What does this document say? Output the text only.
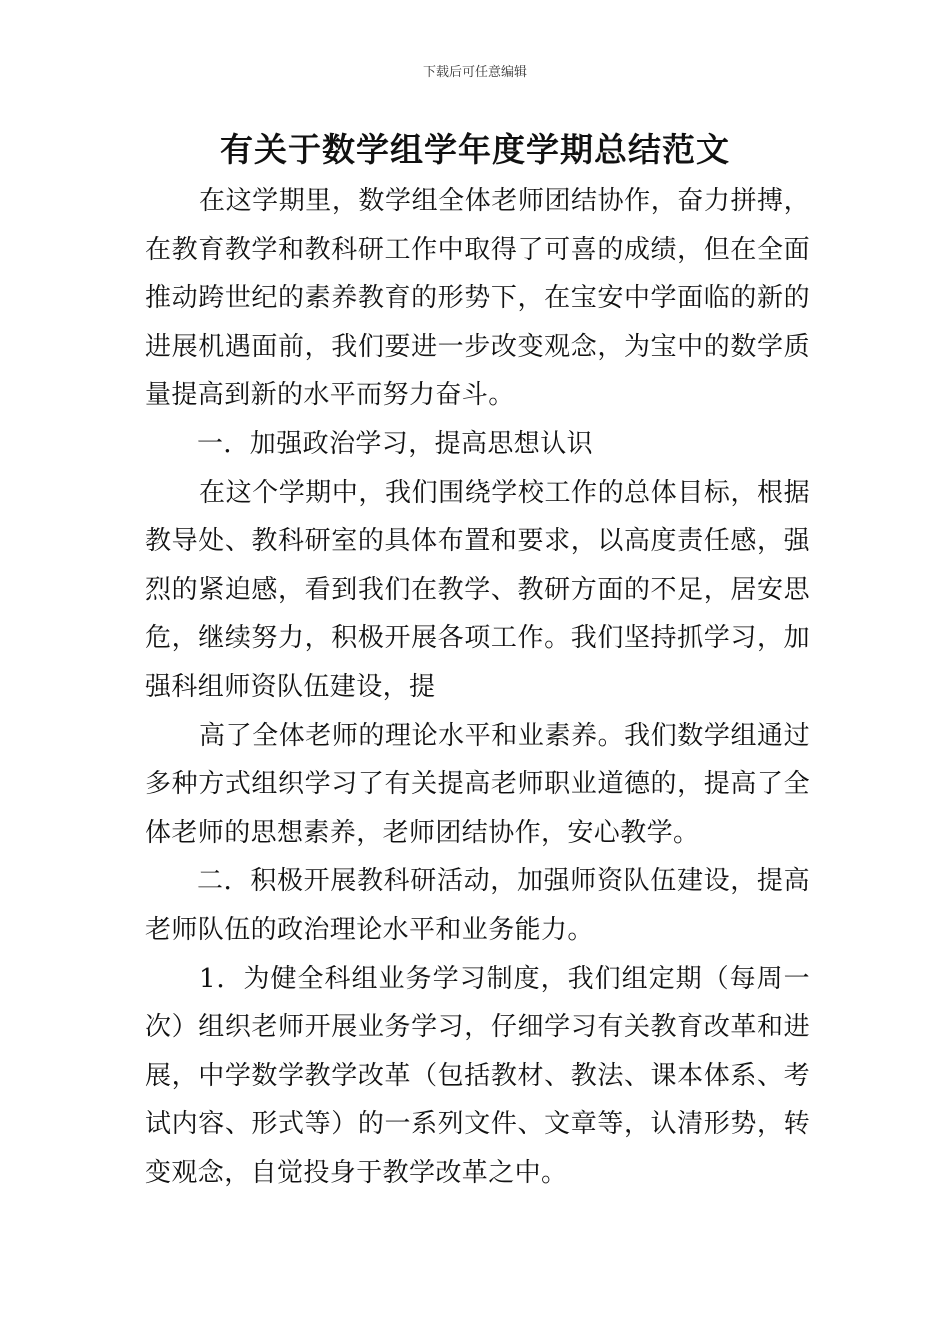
下载后可任意编辑
有关于数学组学年度学期总结范文

在这学期里，数学组全体老师团结协作，奋力拼搏，在教育教学和教科研工作中取得了可喜的成绩，但在全面推动跨世纪的素养教育的形势下，在宝安中学面临的新的进展机遇面前，我们要进一步改变观念，为宝中的数学质量提高到新的水平而努力奋斗。

一．加强政治学习，提高思想认识

在这个学期中，我们围绕学校工作的总体目标，根据教导处、教科研室的具体布置和要求，以高度责任感，强烈的紧迫感，看到我们在教学、教研方面的不足，居安思危，继续努力，积极开展各项工作。我们坚持抓学习，加强科组师资队伍建设，提

高了全体老师的理论水平和业素养。我们数学组通过多种方式组织学习了有关提高老师职业道德的，提高了全体老师的思想素养，老师团结协作，安心教学。

二．积极开展教科研活动，加强师资队伍建设，提高老师队伍的政治理论水平和业务能力。

1．为健全科组业务学习制度，我们组定期（每周一次）组织老师开展业务学习，仔细学习有关教育改革和进展，中学数学教学改革（包括教材、教法、课本体系、考试内容、形式等）的一系列文件、文章等，认清形势，转变观念，自觉投身于教学改革之中。
